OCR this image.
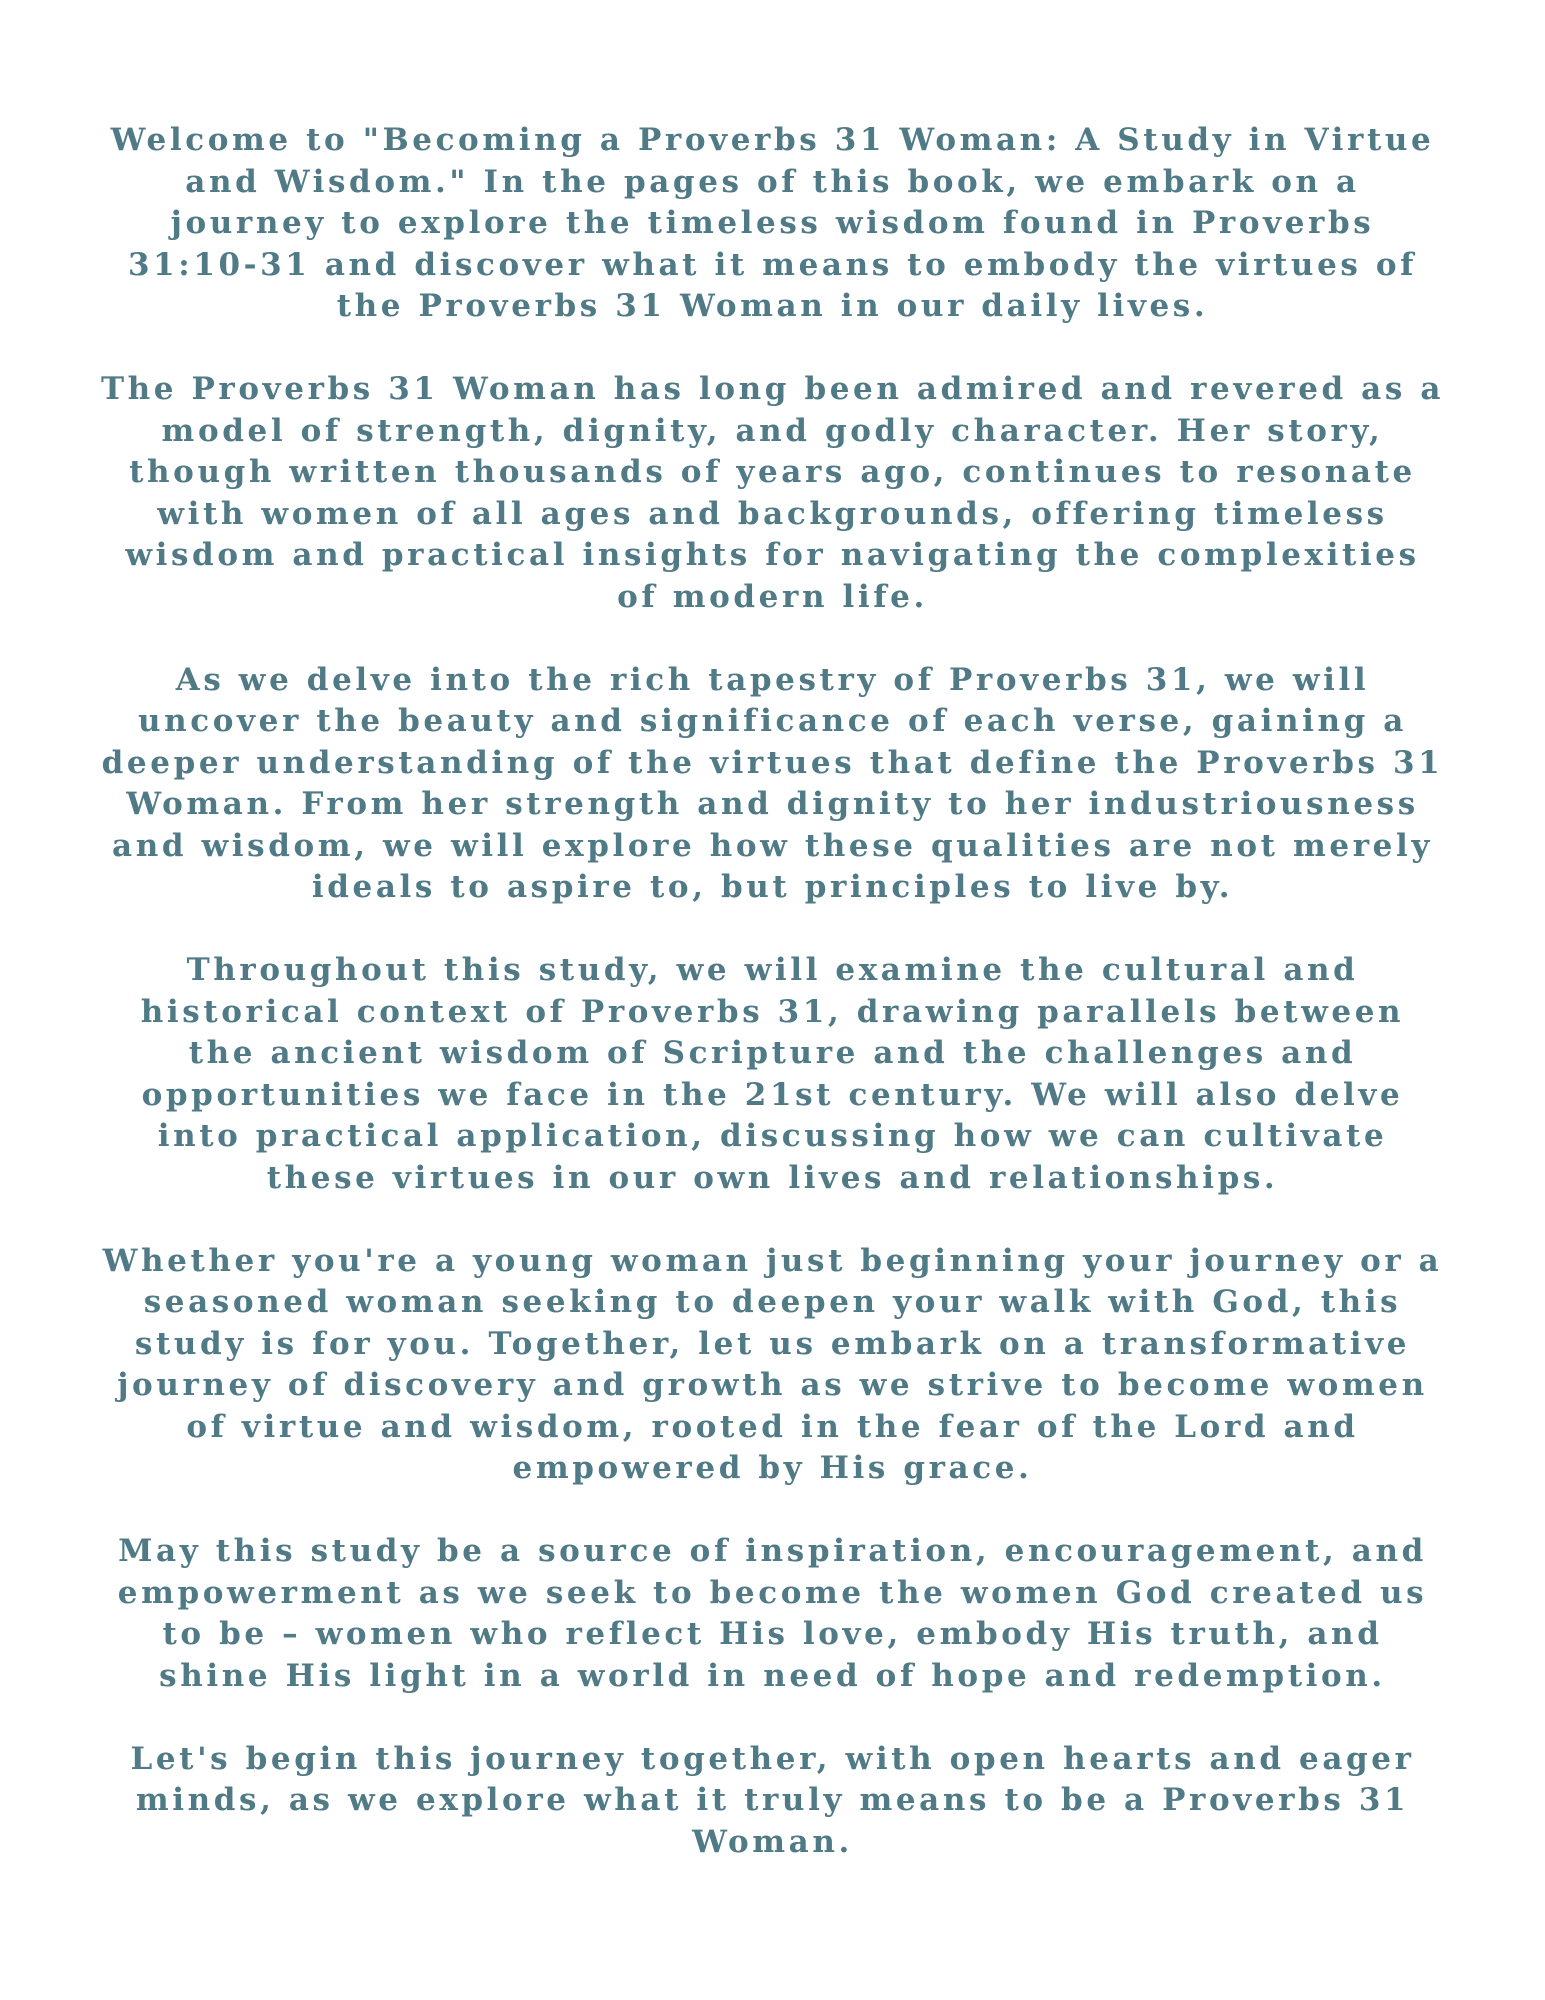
Welcome to "Becoming a Proverbs 31 Woman: A Study in Virtue and Wisdom." In the pages of this book, we embark on a journey to explore the timeless wisdom found in Proverbs 31:10-31 and discover what it means to embody the virtues of the Proverbs 31 Woman in our daily lives.

The Proverbs 31 Woman has long been admired and revered as a model of strength, dignity, and godly character. Her story, though written thousands of years ago, continues to resonate with women of all ages and backgrounds, offering timeless wisdom and practical insights for navigating the complexities of modern life.

As we delve into the rich tapestry of Proverbs 31, we will uncover the beauty and significance of each verse, gaining a deeper understanding of the virtues that define the Proverbs 31 Woman. From her strength and dignity to her industriousness and wisdom, we will explore how these qualities are not merely ideals to aspire to, but principles to live by.

Throughout this study, we will examine the cultural and historical context of Proverbs 31, drawing parallels between the ancient wisdom of Scripture and the challenges and opportunities we face in the 21st century. We will also delve into practical application, discussing how we can cultivate these virtues in our own lives and relationships.

Whether you're a young woman just beginning your journey or a seasoned woman seeking to deepen your walk with God, this study is for you. Together, let us embark on a transformative journey of discovery and growth as we strive to become women of virtue and wisdom, rooted in the fear of the Lord and empowered by His grace.

May this study be a source of inspiration, encouragement, and empowerment as we seek to become the women God created us to be – women who reflect His love, embody His truth, and shine His light in a world in need of hope and redemption.

Let's begin this journey together, with open hearts and eager minds, as we explore what it truly means to be a Proverbs 31 Woman.
